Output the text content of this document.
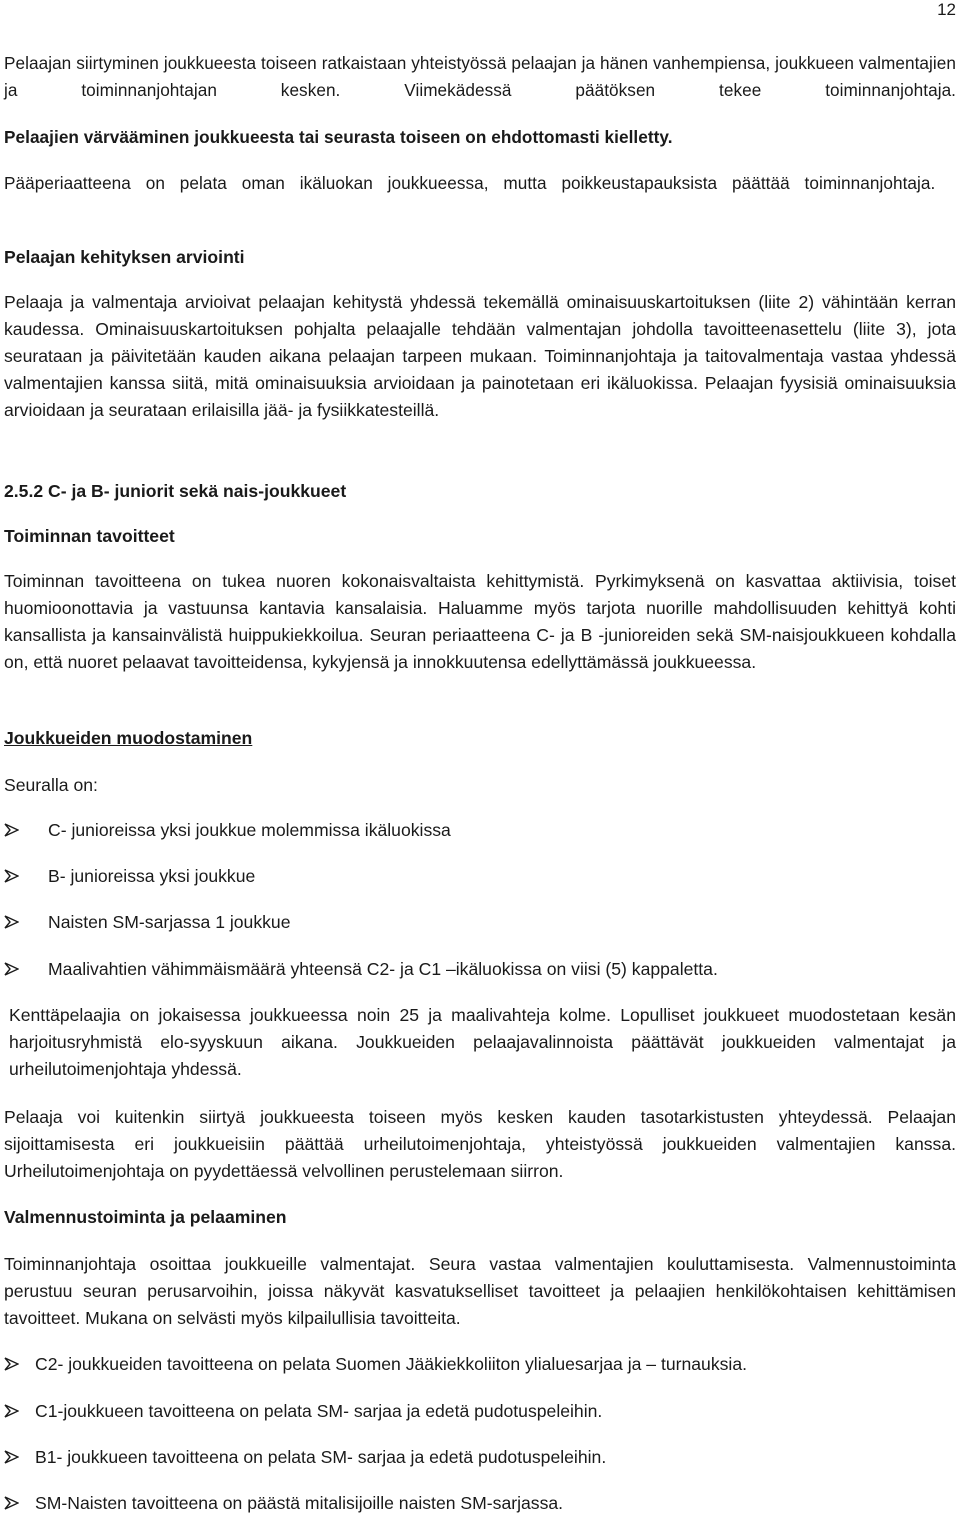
12

Pelaajan siirtyminen joukkueesta toiseen ratkaistaan yhteistyössä pelaajan ja hänen vanhempiensa, joukkueen valmentajien ja toiminnanjohtajan kesken. Viimekädessä päätöksen tekee toiminnanjohtaja.

Pelaajien värvääminen joukkueesta tai seurasta toiseen on ehdottomasti kielletty.

Pääperiaatteena on pelata oman ikäluokan joukkueessa, mutta poikkeustapauksista päättää toiminnanjohtaja.

Pelaajan kehityksen arviointi

Pelaaja ja valmentaja arvioivat pelaajan kehitystä yhdessä tekemällä ominaisuuskartoituksen (liite 2) vähintään kerran kaudessa. Ominaisuuskartoituksen pohjalta pelaajalle tehdään valmentajan johdolla tavoitteenasettelu (liite 3), jota seurataan ja päivitetään kauden aikana pelaajan tarpeen mukaan. Toiminnanjohtaja ja taitovalmentaja vastaa yhdessä valmentajien kanssa siitä, mitä ominaisuuksia arvioidaan ja painotetaan eri ikäluokissa. Pelaajan fyysisiä ominaisuuksia arvioidaan ja seurataan erilaisilla jää- ja fysiikkatesteillä.

2.5.2 C- ja B- juniorit sekä nais-joukkueet
Toiminnan tavoitteet

Toiminnan tavoitteena on tukea nuoren kokonaisvaltaista kehittymistä. Pyrkimyksenä on kasvattaa aktiivisia, toiset huomioonottavia ja vastuunsa kantavia kansalaisia. Haluamme myös tarjota nuorille mahdollisuuden kehittyä kohti kansallista ja kansainvälistä huippukiekkoilua. Seuran periaatteena C- ja B -junioreiden sekä SM-naisjoukkueen kohdalla on, että nuoret pelaavat tavoitteidensa, kykyjensä ja innokkuutensa edellyttämässä joukkueessa.

Joukkueiden muodostaminen
Seuralla on:
C- junioreissa yksi joukkue molemmissa ikäluokissa
B- junioreissa yksi joukkue
Naisten SM-sarjassa 1 joukkue
Maalivahtien vähimmäismäärä yhteensä C2- ja C1 –ikäluokissa on viisi (5) kappaletta.

Kenttäpelaajia on jokaisessa joukkueessa noin 25 ja maalivahteja kolme. Lopulliset joukkueet muodostetaan kesän harjoitusryhmistä elo-syyskuun aikana. Joukkueiden pelaajavalinnoista päättävät joukkueiden valmentajat ja urheilutoimenjohtaja yhdessä.

Pelaaja voi kuitenkin siirtyä joukkueesta toiseen myös kesken kauden tasotarkistusten yhteydessä. Pelaajan sijoittamisesta eri joukkueisiin päättää urheilutoimenjohtaja, yhteistyössä joukkueiden valmentajien kanssa. Urheilutoimenjohtaja on pyydettäessä velvollinen perustelemaan siirron.

Valmennustoiminta ja pelaaminen

Toiminnanjohtaja osoittaa joukkueille valmentajat. Seura vastaa valmentajien kouluttamisesta. Valmennustoiminta perustuu seuran perusarvoihin, joissa näkyvät kasvatukselliset tavoitteet ja pelaajien henkilökohtaisen kehittämisen tavoitteet. Mukana on selvästi myös kilpailullisia tavoitteita.

C2- joukkueiden tavoitteena on pelata Suomen Jääkiekkoliiton ylialuesarjaa ja – turnauksia.
C1-joukkueen tavoitteena on pelata SM- sarjaa ja edetä pudotuspeleihin.
B1- joukkueen tavoitteena on pelata SM- sarjaa ja edetä pudotuspeleihin.
SM-Naisten tavoitteena on päästä mitalisijoille naisten SM-sarjassa.
